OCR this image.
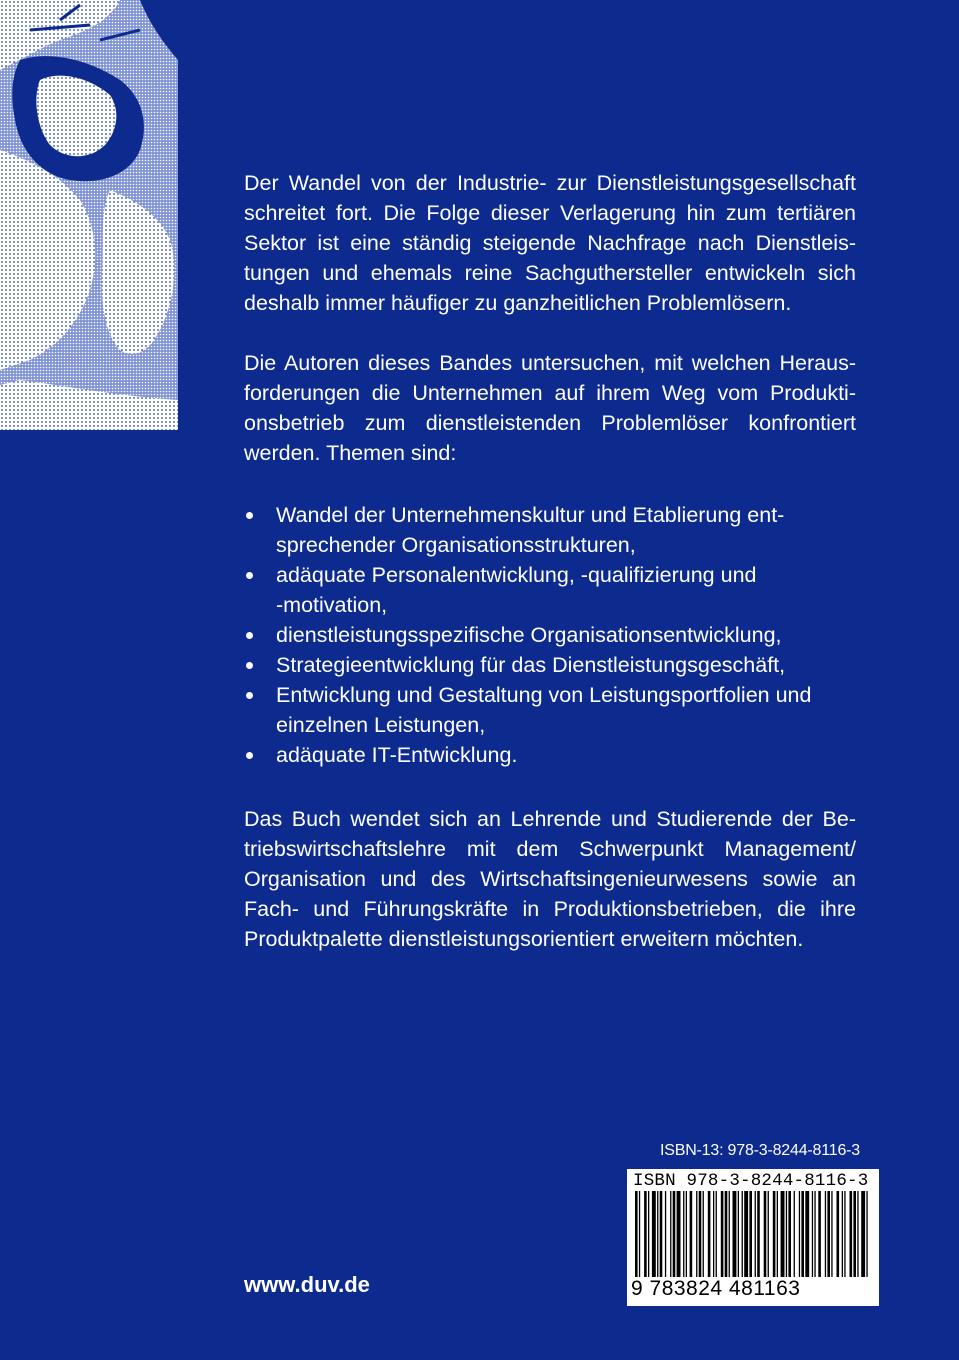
Der Wandel von der Industrie- zur Dienstleistungsgesellschaft
schreitet fort. Die Folge dieser Verlagerung hin zum tertiären
Sektor ist eine ständig steigende Nachfrage nach Dienstleis-
tungen und ehemals reine Sachguthersteller entwickeln sich
deshalb immer häufiger zu ganzheitlichen Problemlösern.
Die Autoren dieses Bandes untersuchen, mit welchen Heraus-
forderungen die Unternehmen auf ihrem Weg vom Produkti-
onsbetrieb zum dienstleistenden Problemlöser konfrontiert
werden. Themen sind:
Wandel der Unternehmenskultur und Etablierung ent-
sprechender Organisationsstrukturen,
adäquate Personalentwicklung, -qualifizierung und
-motivation,
dienstleistungsspezifische Organisationsentwicklung,
Strategieentwicklung für das Dienstleistungsgeschäft,
Entwicklung und Gestaltung von Leistungsportfolien und
einzelnen Leistungen,
adäquate IT-Entwicklung.
Das Buch wendet sich an Lehrende und Studierende der Be-
triebswirtschaftslehre mit dem Schwerpunkt Management/
Organisation und des Wirtschaftsingenieurwesens sowie an
Fach- und Führungskräfte in Produktionsbetrieben, die ihre
Produktpalette dienstleistungsorientiert erweitern möchten.
ISBN-13: 978-3-8244-8116-3
ISBN 978-3-8244-8116-3
9 783824 481163
www.duv.de
